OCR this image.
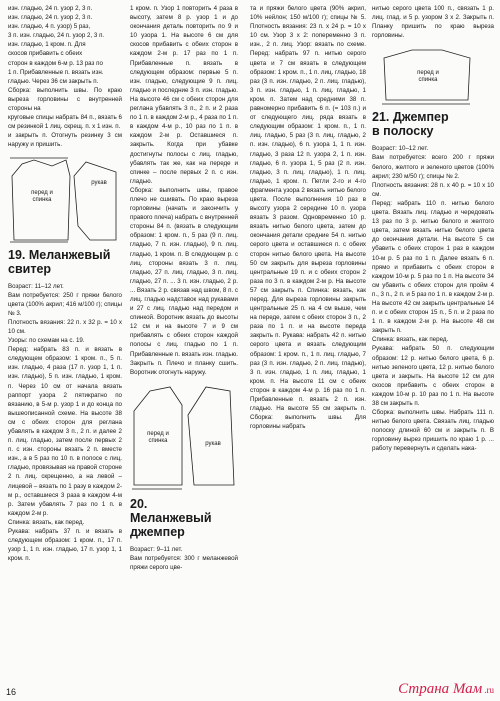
изн. гладью, 24 п. узор 2, 3 п.

изн. гладью, 24 п. узор 2, 3 п.

изн. гладью, 4 п. узор) 5 раз,

3 п. изн. гладью, 24 п. узор 2, 3 п.

изн. гладью, 1 кром. п. Для

скосов прибавить с обеих

сторон в каждом 6-м р. 13 раз по

1 п. Прибавленные п. вязать изн.

гладью. Через 36 см закрыть п.

Сборка: выполнить швы. По краю выреза горловины с внутренней стороны на

круговые спицы набрать 84 п., вязать 6 см резинкой 1 лиц. скрещ. п. х 1 изн. п.

и закрыть п. Отогнуть резинку 3 см наружу и пришить.

перед и спинка
рукав
19. Меланжевый
свитер

Возраст: 11–12 лет.

Вам потребуется: 250 г пряжи белого цвета (100% акрил; 416 м/100 г); спицы № 3.

Плотность вязания: 22 п. х 32 р. = 10 х 10 см.

Узоры: по схемам на с. 19.

Перед: набрать 83 п. и вязать в следующем образом: 1 кром. п., 5 п. изн. гладью, 4 раза (17 п. узор 1, 1 п. изн. гладью), 5 п. изн. гладью, 1 кром. п. Через 10 см от начала вязать раппорт узора 2 пятикратно по вязанию, в 5-м р. узор 1 и до конца по вышеописанной схеме. На высоте 38 см с обеих сторон для реглана убавлять в каждом 3 п., 2 п. и далее 2 п. лиц. гладью, затем после первых 2 п. с изн. стороны вязать 2 п. вместе изн., а в 5 раз по 10 п. в полосе с лиц. гладью, провязывая на правой стороне 2 п. лиц. скрещенно, а на левой – лицевой – вязать по 1 разу в каждом 2-м р., оставшиеся 3 раза в каждом 4-м р. Затем убавлять 7 раз по 1 п. в каждом 2-м р.

Спинка: вязать, как перед.

Рукава: набрать 37 п. и вязать в следующем образом: 1 кром. п., 17 п. узор 1, 1 п. изн. гладью, 17 п. узор 1, 1 кром. п.

1 кром. п. Узор 1 повторить 4 раза в высоту, затем 8 р. узор 1 и до окончания деталь повторить по 9 и 10 узора 1. На высоте 6 см для скосов прибавить с обеих сторон в каждом 2-м р. 17 раз по 1 п. Прибавленные п. вязать в следующем образом: первые 5 п. изн. гладью, следующие 9 п. лиц. гладью и последние 3 п. изн. гладью. На высоте 46 см с обеих сторон для реглана убавлять 3 п., 2 п. и 2 раза по 1 п. в каждом 2-м р., 4 раза по 1 п. в каждом 4-м р., 10 раз по 1 п. в каждом 2-м р. Оставшиеся п. закрыть. Когда при убавке достигнуты полосы с лиц. гладью, убавлять так же, как на переде и спинке – после первых 2 п. с изн. гладью.

Сборка: выполнить швы, правое плечо не сшивать. По краю выреза горловины (начать и закончить у правого плеча) набрать с внутренней стороны 84 п. (вязать в следующим образом: 1 кром. п., 5 раз (9 п. лиц. гладью, 7 п. изн. гладью), 9 п. лиц. гладью, 1 кром. п. В следующем р. с лиц. стороны вязать 3 п. лиц. гладью, 27 п. лиц. гладью, 3 п. лиц. гладью, 27 п. ... 3 п. изн. гладью, 2 р. ... Вязать 2 р. связав над швом, 8 п. с лиц. гладью надставок над рукавами и 27 с лиц. гладью над передом и спинкой. Воротник вязать до высоты 12 см и на высоте 7 и 9 см прибавлять с обеих сторон каждой полосы с лиц. гладью по 1 п. Прибавленные п. вязать изн. гладью. Закрыть п. Плечо и планку сшить. Воротник отогнуть наружу.

перед и спинка	рукав
20.
Меланжевый
джемпер

Возраст: 9–11 лет.

Вам потребуется: 300 г меланжевой пряжи серого цве-

та и пряжи белого цвета (90% акрил, 10% нейлон; 150 м/100 г); спицы № 5. Плотность вязания: 23 п. х 24 р. = 10 х 10 см. Узор 3 х 2: попеременно 3 п. изн., 2 п. лиц. Узор: вязать по схеме. Перед: набрать 97 п. нитью серого цвета и 7 см вязать в следующем образом: 1 кром. п., 1 п. лиц. гладью, 18 раз (3 п. изн. гладью, 2 п. лиц. гладью), 3 п. изн. гладью, 1 п. лиц. гладью, 1 кром. п. Затем над средними 38 п. равномерно прибавить 6 п. (= 103 п.) и от следующего лиц. ряда вязать в следующим образом: 1 кром. п., 1 п. лиц. гладью, 5 раз (3 п. лиц. гладью, 2 п. изн. гладью), 6 п. узора 1, 1 п. изн. гладью, 3 раза 12 п. узора 2, 1 п. изн. гладью, 6 п. узора 1, 5 раз (2 п. изн. гладью, 3 п. лиц. гладью), 1 п. лиц. гладью, 1 кром. п. Петли 2-го и 4-го фрагмента узора 2 вязать нитью белого цвета. После выполнения 10 раз в высоту узора 2 середине 10 п. узора вязать 3 разом. Одновременно 10 р. вязать нитью белого цвета, затем до окончания детали средние 54 п. нитью серого цвета и оставшиеся п. с обеих сторон нитью белого цвета. На высоте 50 см закрыть для выреза горловины центральные 19 п. и с обеих сторон 2 раза по 3 п. в каждом 2-м р. На высоте 57 см закрыть п. Спинка: вязать, как перед. Для выреза горловины закрыть центральные 25 п. на 4 см выше, чем на переде, затем с обеих сторон 3 п., 2 раза по 1 п. и на высоте переда закрыть п. Рукава: набрать 42 п. нитью серого цвета и вязать следующим образом: 1 кром. п., 1 п. лиц. гладью, 7 раз (3 п. изн. гладью, 2 п. лиц. гладью), 3 п. изн. гладью, 1 п. лиц. гладью, 1 кром. п. На высоте 11 см с обеих сторон в каждом 4-м р. 16 раз по 1 п. Прибавленные п. вязать 2 п. изн. гладью. На высоте 55 см закрыть п. Сборка: выполнить швы. Для горловины набрать

нитью серого цвета 100 п., связать 1 р. лиц. глад. и 5 р. узором 3 х 2. Закрыть п. Планку пришить по краю выреза горловины.

перед и спинка
21. Джемпер
в полоску

Возраст: 10–12 лет.

Вам потребуется: всего 200 г пряжи белого, желтого и зеленого цветов (100% акрил; 230 м/50 г); спицы № 2.

Плотность вязания: 28 п. х 40 р. = 10 х 10 см.

Перед: набрать 110 п. нитью белого цвета. Вязать лиц. гладью и чередовать 13 раз по 3 р. нитью белого и желтого цвета, затем вязать нитью белого цвета до окончания детали. На высоте 5 см убавить с обеих сторон 1 раз в каждом 10-м р. 5 раз по 1 п. Далее вязать 6 п. прямо и прибавить с обеих сторон в каждом 10-м р. 5 раз по 1 п. На высоте 34 см убавить с обеих сторон для пройм 4 п., 3 п., 2 п. и 5 раз по 1 п. в каждом 2-м р. На высоте 42 см закрыть центральные 14 п. и с обеих сторон 15 п., 5 п. и 2 раза по 1 п. в каждом 2-м р. На высоте 48 см закрыть п.

Спинка: вязать, как перед.

Рукава: набрать 50 п. следующим образом: 12 р. нитью белого цвета, 6 р. нитью зеленого цвета, 12 р. нитью белого цвета и закрыть. На высоте 12 см для скосов прибавить с обеих сторон в каждом 10-м р. 10 раз по 1 п. На высоте 38 см закрыть п.

Сборка: выполнить швы. Набрать 111 п. нитью белого цвета. Связать лиц. гладью полоску длиной 60 см и закрыть п. В горловину вырез пришить по краю 1 р. ... работу перевернуть и сделать нака-

16	Страна Мам .ru
